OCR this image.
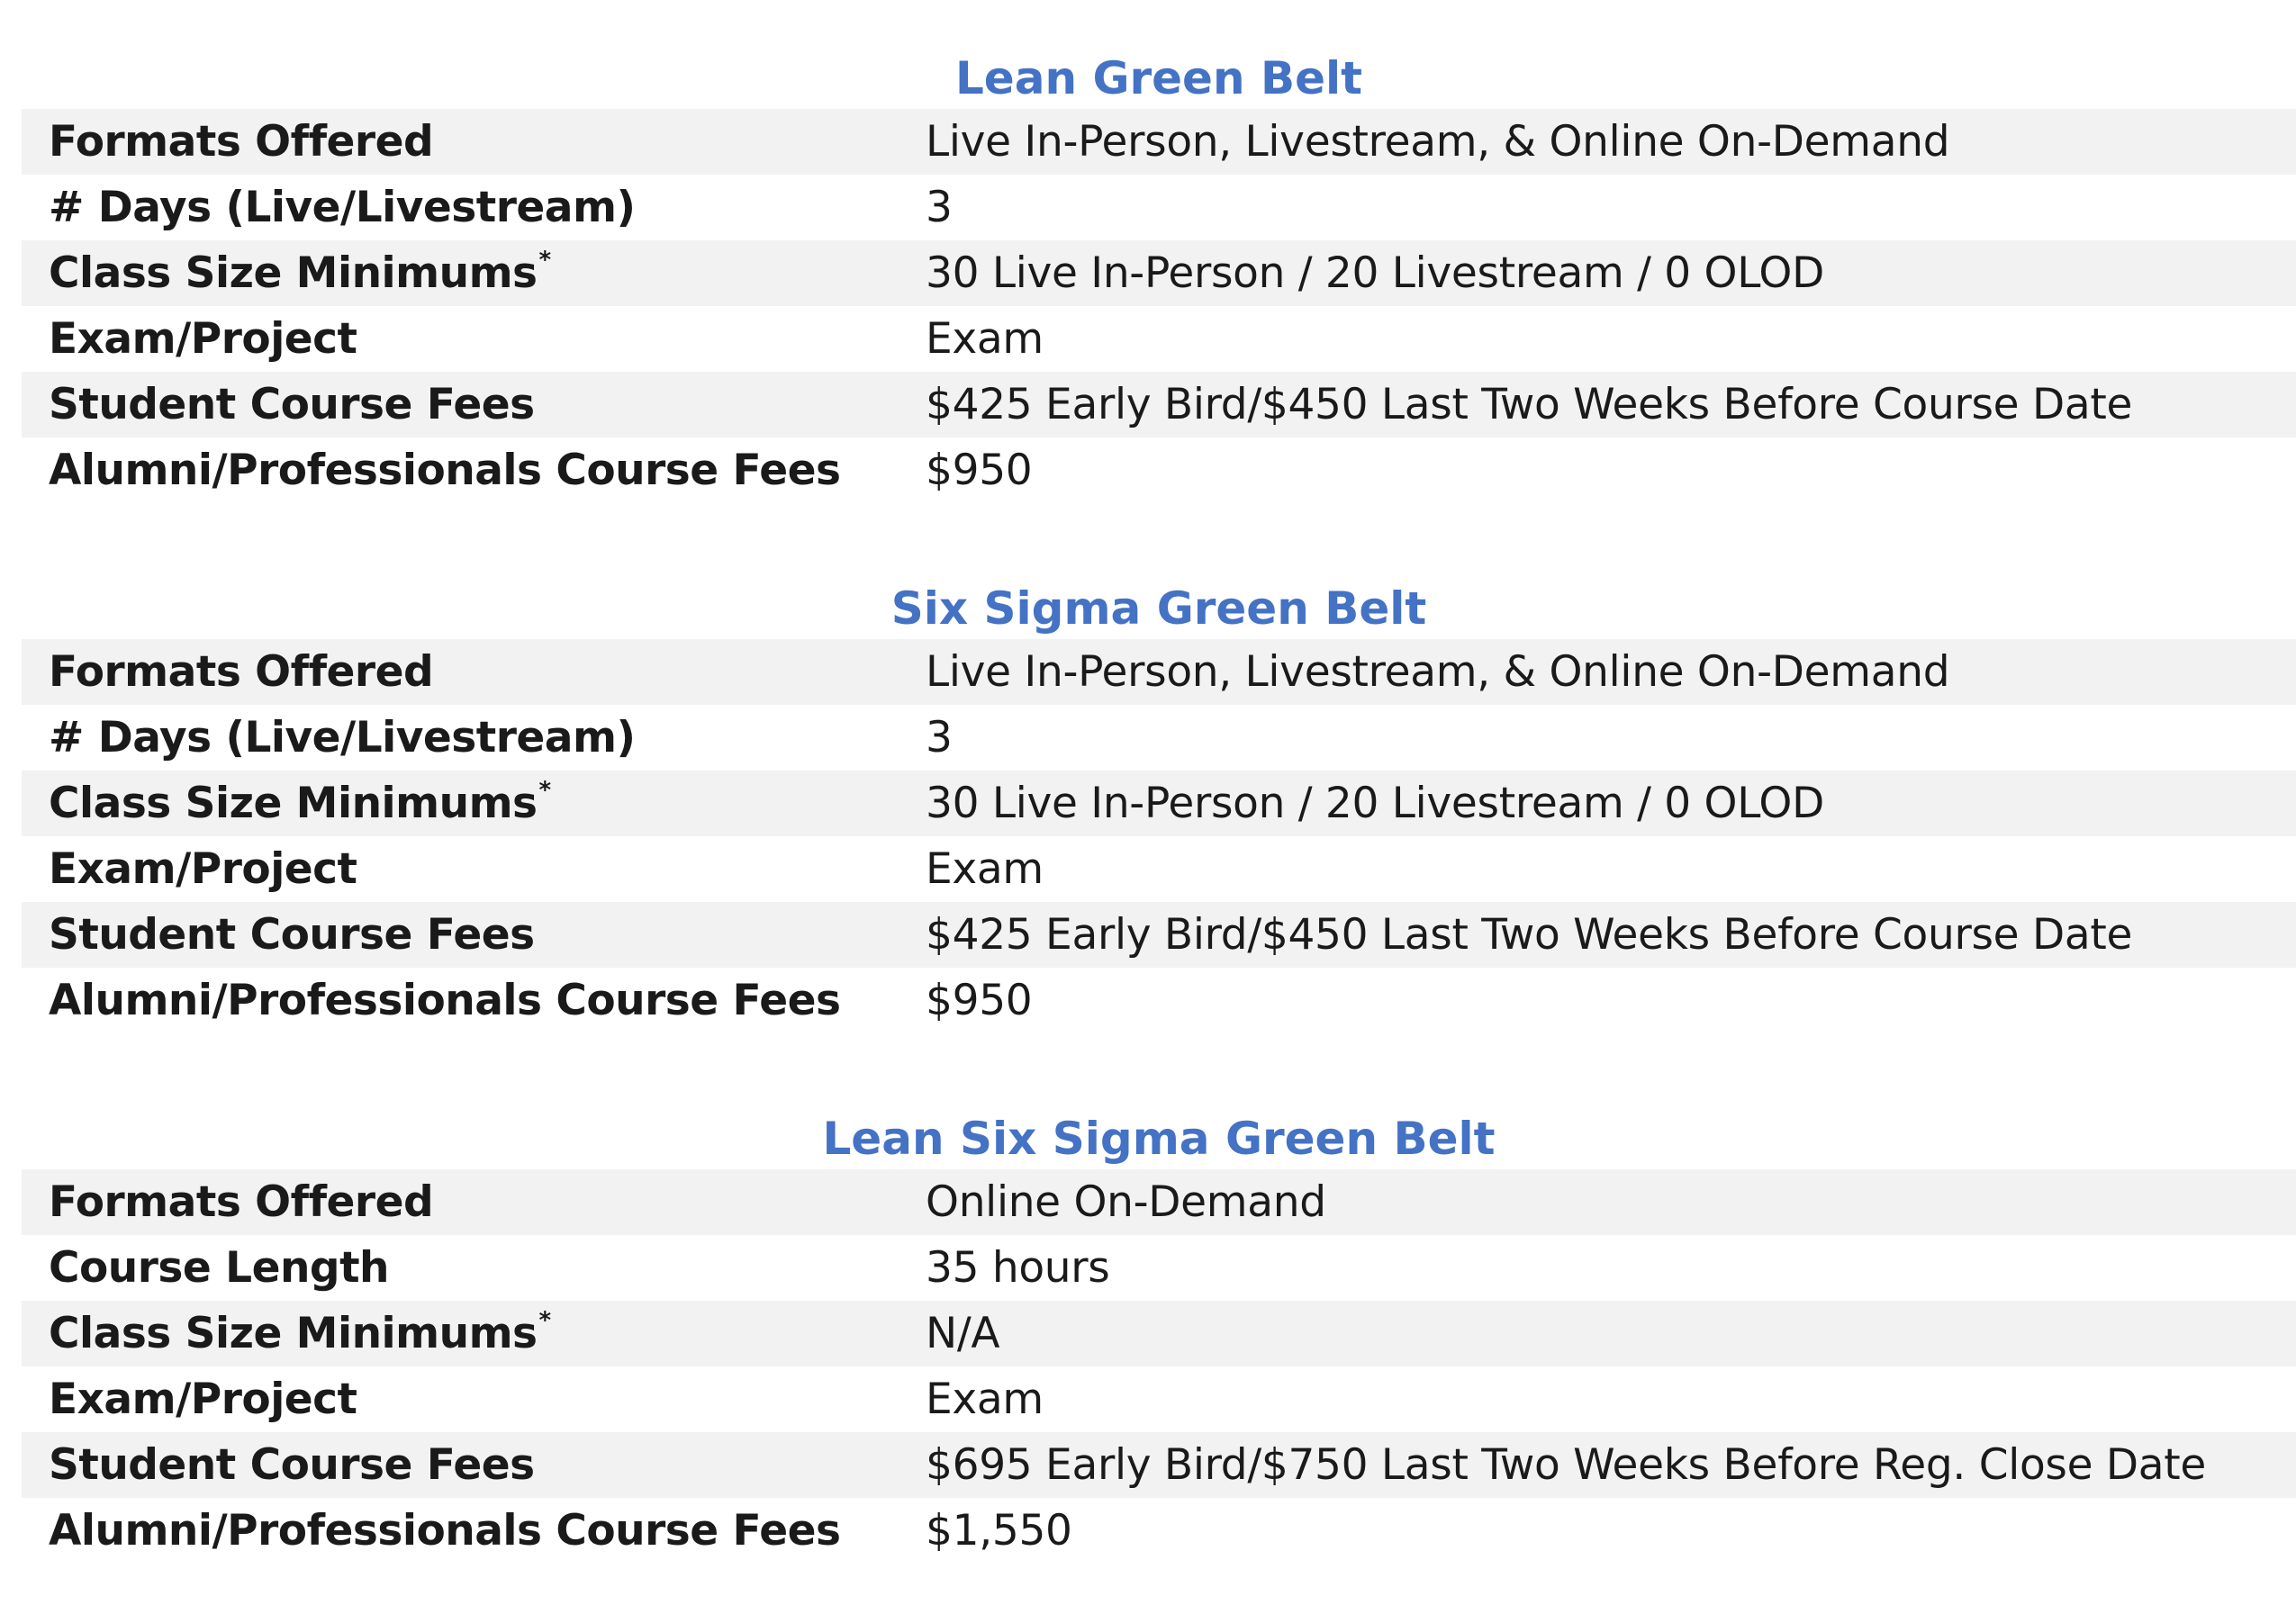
Lean Green Belt
Formats Offered	Live In-Person, Livestream, & Online On-Demand
# Days (Live/Livestream)	3
Class Size Minimums*	30 Live In-Person / 20 Livestream / 0 OLOD
Exam/Project	Exam
Student Course Fees	$425 Early Bird/$450 Last Two Weeks Before Course Date
Alumni/Professionals Course Fees $950
Six Sigma Green Belt
Formats Offered	Live In-Person, Livestream, & Online On-Demand
# Days (Live/Livestream)	3
Class Size Minimums*	30 Live In-Person / 20 Livestream / 0 OLOD
Exam/Project	Exam
Student Course Fees	$425 Early Bird/$450 Last Two Weeks Before Course Date
Alumni/Professionals Course Fees $950
Lean Six Sigma Green Belt
Formats Offered	Online On-Demand
Course Length	35 hours
Class Size Minimums*	N/A
Exam/Project	Exam
Student Course Fees	$695 Early Bird/$750 Last Two Weeks Before Reg. Close Date
Alumni/Professionals Course Fees $1,550
